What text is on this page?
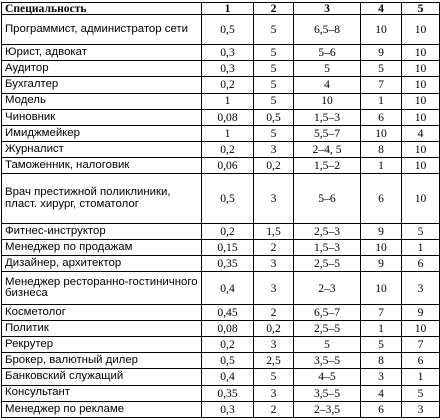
Специальность	1	2	3	4	5
Программист, администратор сети	0,5	5	6,5–8	10	10
Юрист, адвокат	0,3	5	5–6	9	10
Аудитор	0,3	5	5	5	10
Бухгалтер	0,2	5	4	7	10
Модель	1	5	10	1	10
Чиновник	0,08	0,5	1,5–3	6	10
Имиджмейкер	1	5	5,5–7	10	4
Журналист	0,2	3	2–4, 5	8	10
Таможенник, налоговик	0,06	0,2	1,5–2	1	10
Врач престижной поликлиники, пласт. хирург, стоматолог	0,5	3	5–6	6	10
Фитнес-инструктор	0,2	1,5	2,5–3	9	5
Менеджер по продажам	0,15	2	1,5–3	10	1
Дизайнер, архитектор	0,35	3	2,5–5	9	6
Менеджер ресторанно-гостиничного бизнеса	0,4	3	2–3	10	3
Косметолог	0,45	2	6,5–7	7	9
Политик	0,08	0,2	2,5–5	1	10
Рекрутер	0,2	3	5	5	7
Брокер, валютный дилер	0,5	2,5	3,5–5	8	6
Банковский служащий	0,4	5	4–5	3	1
Консультант	0,35	3	3,5–5	4	5
Менеджер по рекламе	0,3	2	2–3,5	6	3
